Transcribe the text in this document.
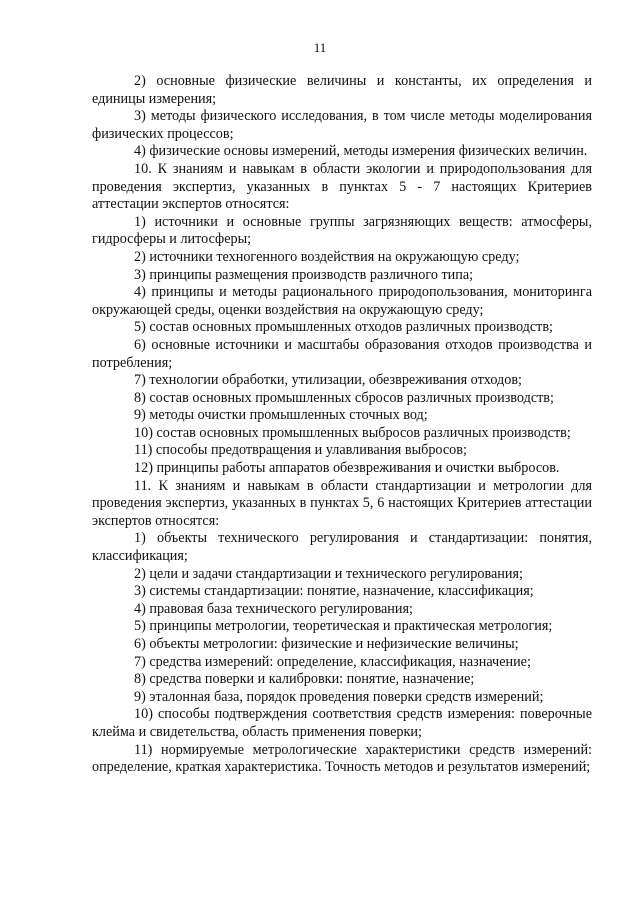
11

2) основные физические величины и константы, их определения и единицы измерения;

3) методы физического исследования, в том числе методы моделирования физических процессов;

4) физические основы измерений, методы измерения физических величин.

10. К знаниям и навыкам в области экологии и природопользования для проведения экспертиз, указанных в пунктах 5 - 7 настоящих Критериев аттестации экспертов относятся:

1) источники и основные группы загрязняющих веществ: атмосферы, гидросферы и литосферы;

2) источники техногенного воздействия на окружающую среду;

3) принципы размещения производств различного типа;

4) принципы и методы рационального природопользования, мониторинга окружающей среды, оценки воздействия на окружающую среду;

5) состав основных промышленных отходов различных производств;

6) основные источники и масштабы образования отходов производства и потребления;

7) технологии обработки, утилизации, обезвреживания отходов;

8) состав основных промышленных сбросов различных производств;

9) методы очистки промышленных сточных вод;

10) состав основных промышленных выбросов различных производств;

11) способы предотвращения и улавливания выбросов;

12) принципы работы аппаратов обезвреживания и очистки выбросов.

11. К знаниям и навыкам в области стандартизации и метрологии для проведения экспертиз, указанных в пунктах 5, 6 настоящих Критериев аттестации экспертов относятся:

1) объекты технического регулирования и стандартизации: понятия, классификация;

2) цели и задачи стандартизации и технического регулирования;

3) системы стандартизации: понятие, назначение, классификация;

4) правовая база технического регулирования;

5) принципы метрологии, теоретическая и практическая метрология;

6) объекты метрологии: физические и нефизические величины;

7) средства измерений: определение, классификация, назначение;

8) средства поверки и калибровки: понятие, назначение;

9) эталонная база, порядок проведения поверки средств измерений;

10) способы подтверждения соответствия средств измерения: поверочные клейма и свидетельства, область применения поверки;

11) нормируемые метрологические характеристики средств измерений: определение, краткая характеристика. Точность методов и результатов измерений;
